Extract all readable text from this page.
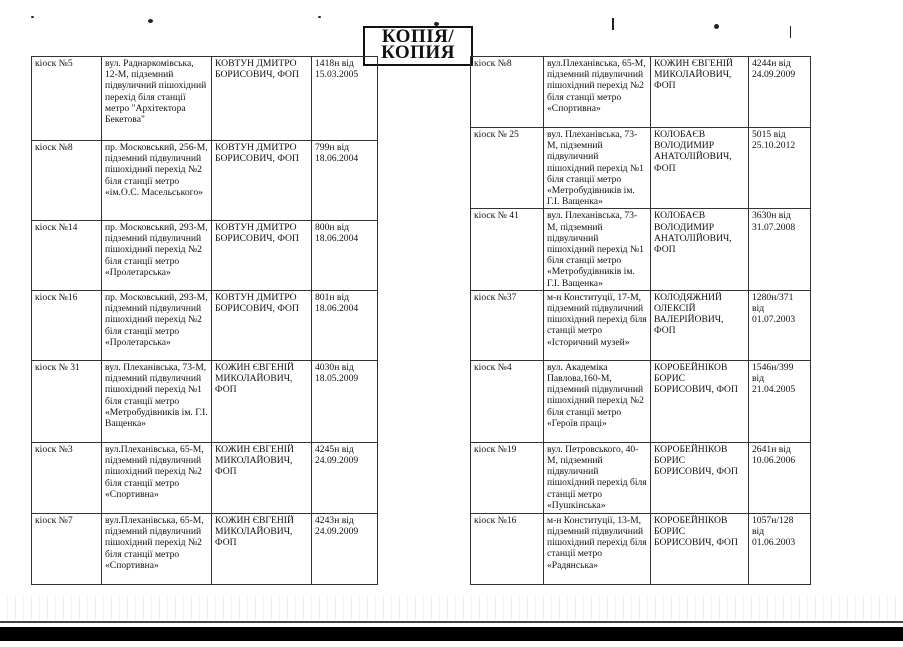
КОПІЯ/
КОПИЯ
кіоск №5	вул. Раднаркомівська, 12-М, підземний підвуличний пішохідний перехід біля станції метро "Архітектора Бекетова"	КОВТУН ДМИТРО БОРИСОВИЧ, ФОП	1418н від 15.03.2005
кіоск №8	пр. Московський, 256-М, підземний підвуличний пішохідний перехід №2 біля станції метро «ім.О.С. Масельського»	КОВТУН ДМИТРО БОРИСОВИЧ, ФОП	799н від 18.06.2004
кіоск №14	пр. Московський, 293-М, підземний підвуличний пішохідний перехід №2 біля станції метро «Пролетарська»	КОВТУН ДМИТРО БОРИСОВИЧ, ФОП	800н від 18.06.2004
кіоск №16	пр. Московський, 293-М, підземний підвуличний пішохідний перехід №2 біля станції метро «Пролетарська»	КОВТУН ДМИТРО БОРИСОВИЧ, ФОП	801н від 18.06.2004
кіоск № 31	вул. Плеханівська, 73-М, підземний підвуличний пішохідний перехід №1 біля станції метро «Метробудівників ім. Г.І. Ващенка»	КОЖИН ЄВГЕНІЙ МИКОЛАЙОВИЧ, ФОП	4030н від 18.05.2009
кіоск №3	вул.Плеханівська, 65-М, підземний підвуличний пішохідний перехід №2 біля станції метро «Спортивна»	КОЖИН ЄВГЕНІЙ МИКОЛАЙОВИЧ, ФОП	4245н від 24.09.2009
кіоск №7	вул.Плеханівська, 65-М, підземний підвуличний пішохідний перехід №2 біля станції метро «Спортивна»	КОЖИН ЄВГЕНІЙ МИКОЛАЙОВИЧ, ФОП	4243н від 24.09.2009
кіоск №8	вул.Плеханівська, 65-М, підземний підвуличний пішохідний перехід №2 біля станції метро «Спортивна»	КОЖИН ЄВГЕНІЙ МИКОЛАЙОВИЧ, ФОП	4244н від 24.09.2009
кіоск № 25	вул. Плеханівська, 73-М, підземний підвуличний пішохідний перехід №1 біля станції метро «Метробудівників ім. Г.І. Ващенка»	КОЛОБАЄВ ВОЛОДИМИР АНАТОЛІЙОВИЧ, ФОП	5015 від 25.10.2012
кіоск № 41	вул. Плеханівська, 73-М, підземний підвуличний пішохідний перехід №1 біля станції метро «Метробудівників ім. Г.І. Ващенка»	КОЛОБАЄВ ВОЛОДИМИР АНАТОЛІЙОВИЧ, ФОП	3630н від 31.07.2008
кіоск №37	м-н Конституції, 17-М, підземний підвуличний пішохідний перехід біля станції метро «Історичний музей»	КОЛОДЯЖНИЙ ОЛЕКСІЙ ВАЛЕРІЙОВИЧ, ФОП	1280н/371 від 01.07.2003
кіоск №4	вул. Академіка Павлова,160-М, підземний підвуличний пішохідний перехід №2 біля станції метро «Героїв праці»	КОРОБЕЙНІКОВ БОРИС БОРИСОВИЧ, ФОП	1546н/399 від 21.04.2005
кіоск №19	вул. Петровського, 40-М, підземний підвуличний пішохідний перехід біля станції метро «Пушкінська»	КОРОБЕЙНІКОВ БОРИС БОРИСОВИЧ, ФОП	2641н від 10.06.2006
кіоск №16	м-н Конституції, 13-М, підземний підвуличний пішохідний перехід біля станції метро «Радянська»	КОРОБЕЙНІКОВ БОРИС БОРИСОВИЧ, ФОП	1057н/128 від 01.06.2003
